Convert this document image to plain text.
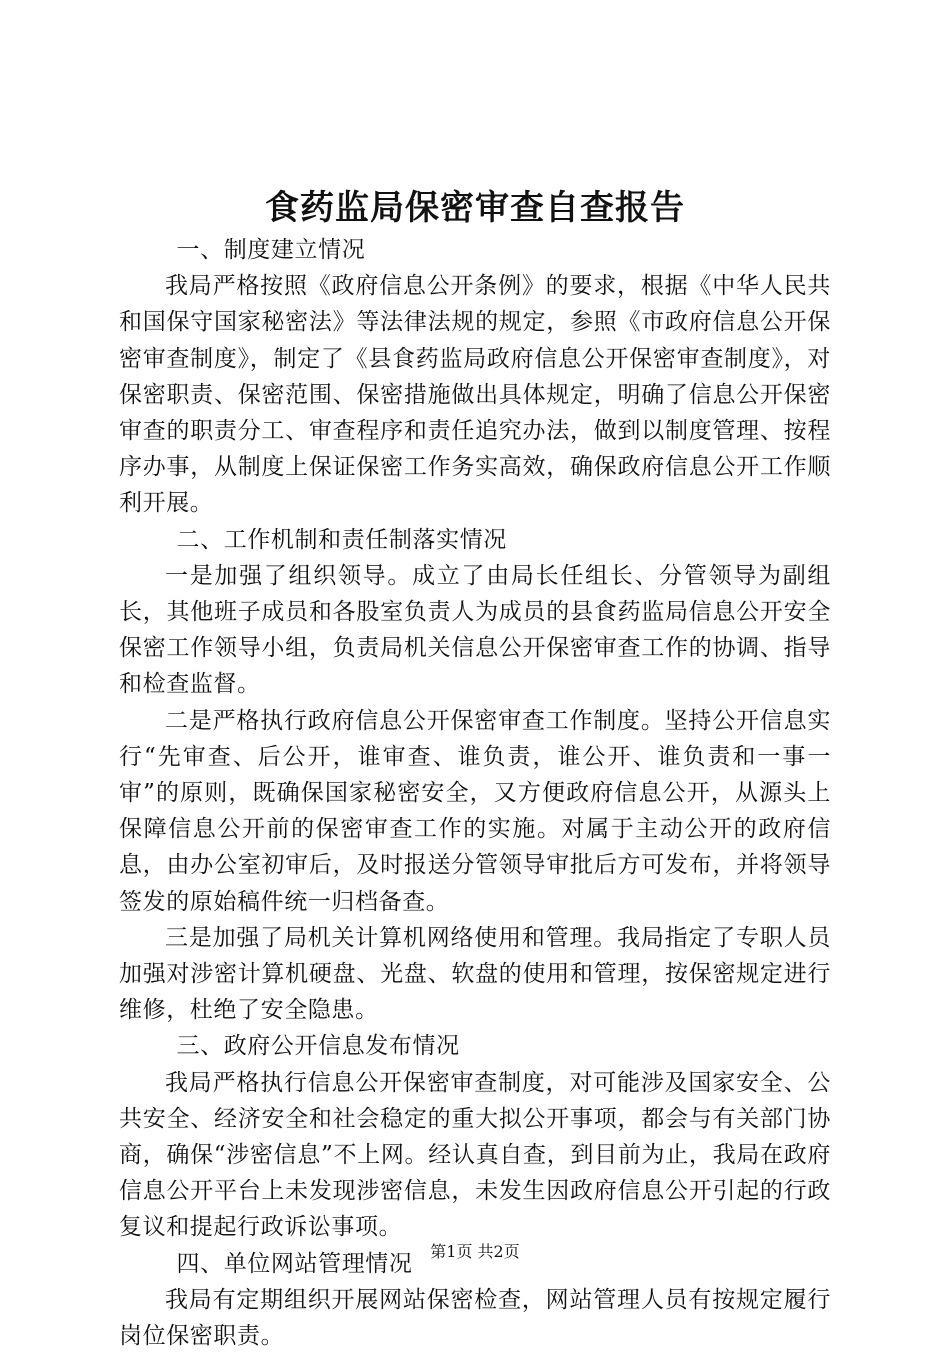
食药监局保密审查自查报告

一、制度建立情况

我局严格按照《政府信息公开条例》的要求，根据《中华人民共和国保守国家秘密法》等法律法规的规定，参照《市政府信息公开保密审查制度》，制定了《县食药监局政府信息公开保密审查制度》，对保密职责、保密范围、保密措施做出具体规定，明确了信息公开保密审查的职责分工、审查程序和责任追究办法，做到以制度管理、按程序办事，从制度上保证保密工作务实高效，确保政府信息公开工作顺利开展。

二、工作机制和责任制落实情况

一是加强了组织领导。成立了由局长任组长、分管领导为副组长，其他班子成员和各股室负责人为成员的县食药监局信息公开安全保密工作领导小组，负责局机关信息公开保密审查工作的协调、指导和检查监督。

二是严格执行政府信息公开保密审查工作制度。坚持公开信息实行“先审查、后公开，谁审查、谁负责，谁公开、谁负责和一事一审”的原则，既确保国家秘密安全，又方便政府信息公开，从源头上保障信息公开前的保密审查工作的实施。对属于主动公开的政府信息，由办公室初审后，及时报送分管领导审批后方可发布，并将领导签发的原始稿件统一归档备查。

三是加强了局机关计算机网络使用和管理。我局指定了专职人员加强对涉密计算机硬盘、光盘、软盘的使用和管理，按保密规定进行维修，杜绝了安全隐患。

三、政府公开信息发布情况

我局严格执行信息公开保密审查制度，对可能涉及国家安全、公共安全、经济安全和社会稳定的重大拟公开事项，都会与有关部门协商，确保“涉密信息”不上网。经认真自查，到目前为止，我局在政府信息公开平台上未发现涉密信息，未发生因政府信息公开引起的行政复议和提起行政诉讼事项。

四、单位网站管理情况

我局有定期组织开展网站保密检查，网站管理人员有按规定履行岗位保密职责。

第1页 共2页
